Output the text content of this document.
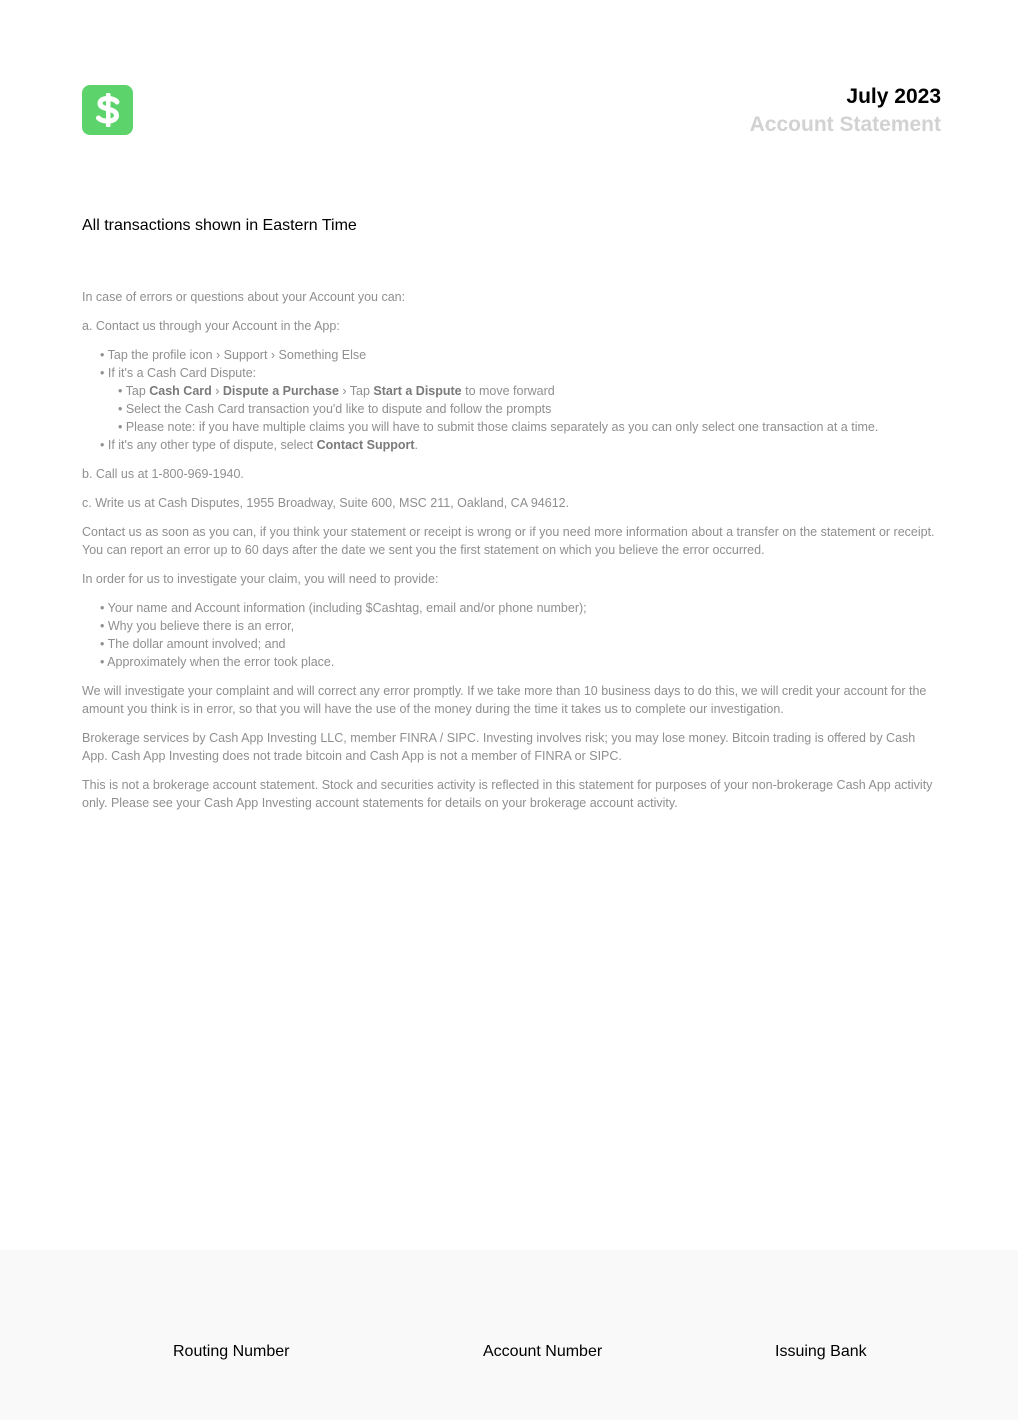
July 2023
Account Statement
All transactions shown in Eastern Time

In case of errors or questions about your Account you can:

a. Contact us through your Account in the App:

• Tap the profile icon › Support › Something Else
• If it's a Cash Card Dispute:
• Tap Cash Card › Dispute a Purchase › Tap Start a Dispute to move forward
• Select the Cash Card transaction you'd like to dispute and follow the prompts
• Please note: if you have multiple claims you will have to submit those claims separately as you can only select one transaction at a time.
• If it's any other type of dispute, select Contact Support.

b. Call us at 1-800-969-1940.

c. Write us at Cash Disputes, 1955 Broadway, Suite 600, MSC 211, Oakland, CA 94612.

Contact us as soon as you can, if you think your statement or receipt is wrong or if you need more information about a transfer on the statement or receipt. You can report an error up to 60 days after the date we sent you the first statement on which you believe the error occurred.

In order for us to investigate your claim, you will need to provide:

• Your name and Account information (including $Cashtag, email and/or phone number);
• Why you believe there is an error,
• The dollar amount involved; and
• Approximately when the error took place.

We will investigate your complaint and will correct any error promptly. If we take more than 10 business days to do this, we will credit your account for the amount you think is in error, so that you will have the use of the money during the time it takes us to complete our investigation.

Brokerage services by Cash App Investing LLC, member FINRA / SIPC. Investing involves risk; you may lose money. Bitcoin trading is offered by Cash App. Cash App Investing does not trade bitcoin and Cash App is not a member of FINRA or SIPC.

This is not a brokerage account statement. Stock and securities activity is reflected in this statement for purposes of your non-brokerage Cash App activity only. Please see your Cash App Investing account statements for details on your brokerage account activity.

Routing Number	Account Number	Issuing Bank
